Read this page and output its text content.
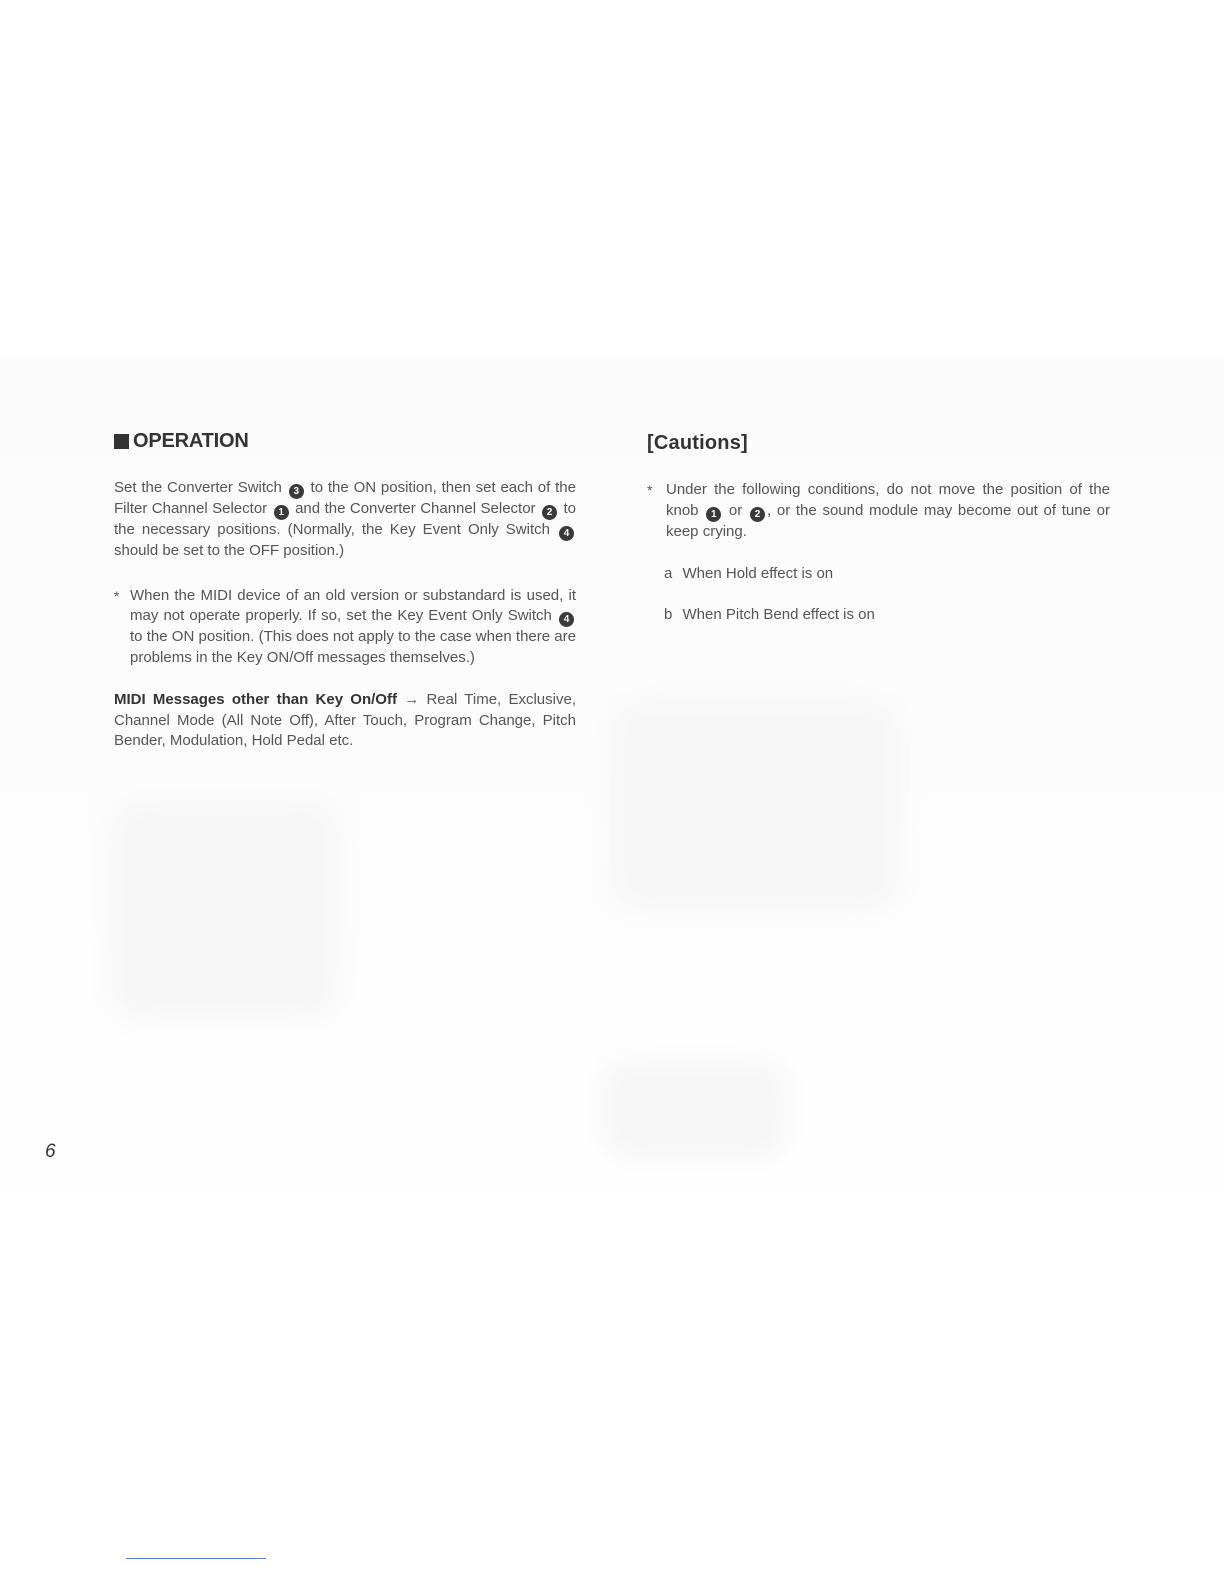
OPERATION

Set the Converter Switch 3 to the ON position, then set each of the Filter Channel Selector 1 and the Converter Channel Selector 2 to the necessary positions. (Normally, the Key Event Only Switch 4 should be set to the OFF position.)

* When the MIDI device of an old version or substandard is used, it may not operate properly. If so, set the Key Event Only Switch 4 to the ON position. (This does not apply to the case when there are problems in the Key ON/Off messages themselves.)

MIDI Messages other than Key On/Off → Real Time, Exclusive, Channel Mode (All Note Off), After Touch, Program Change, Pitch Bender, Modulation, Hold Pedal etc.

[Cautions]

* Under the following conditions, do not move the position of the knob 1 or 2 , or the sound module may become out of tune or keep crying.

a When Hold effect is on
b When Pitch Bend effect is on
6
